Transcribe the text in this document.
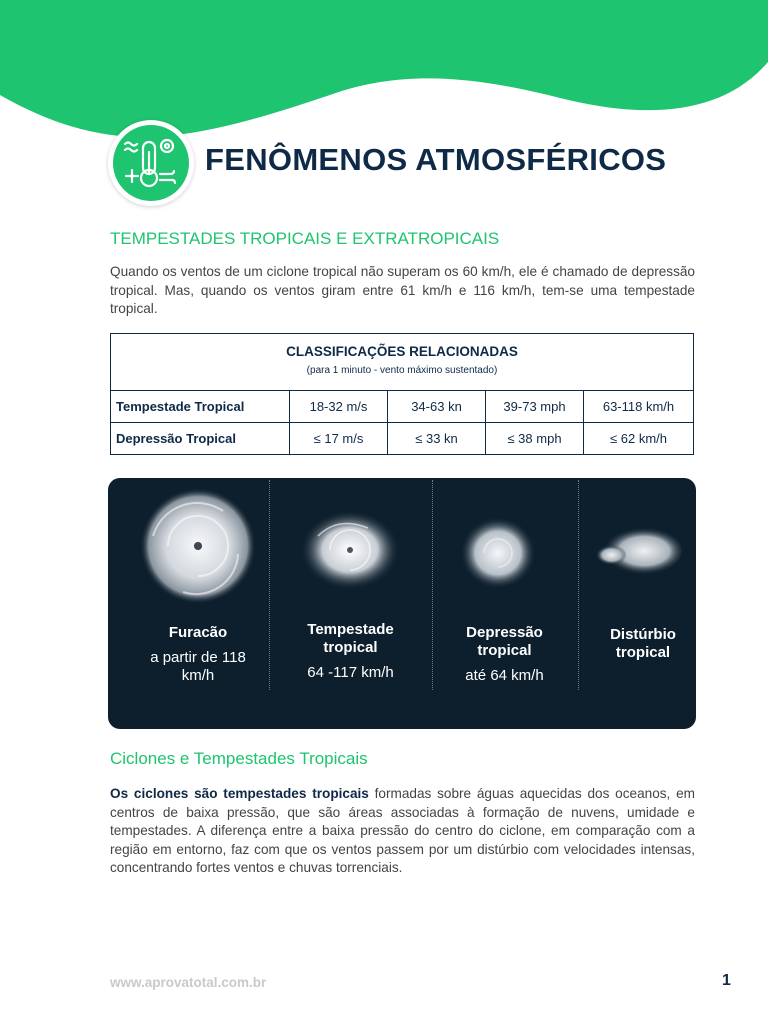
FENÔMENOS ATMOSFÉRICOS
TEMPESTADES TROPICAIS E EXTRATROPICAIS

Quando os ventos de um ciclone tropical não superam os 60 km/h, ele é chamado de depressão tropical. Mas, quando os ventos giram entre 61 km/h e 116 km/h, tem-se uma tempestade tropical.

CLASSIFICAÇÕES RELACIONADAS
(para 1 minuto - vento máximo sustentado)				

Tempestade Tropical	18-32 m/s	34-63 kn	39-73 mph	63-118 km/h
Depressão Tropical	≤ 17 m/s	≤ 33 kn	≤ 38 mph	≤ 62 km/h

Furacão

a partir de 118 km/h

Tempestade tropical

64 -117 km/h

Depressão tropical

até 64 km/h

Distúrbio tropical

Ciclones e Tempestades Tropicais

Os ciclones são tempestades tropicais formadas sobre águas aquecidas dos oceanos, em centros de baixa pressão, que são áreas associadas à formação de nuvens, umidade e tempestades. A diferença entre a baixa pressão do centro do ciclone, em comparação com a região em entorno, faz com que os ventos passem por um distúrbio com velocidades intensas, concentrando fortes ventos e chuvas torrenciais.

www.aprovatotal.com.br	1
